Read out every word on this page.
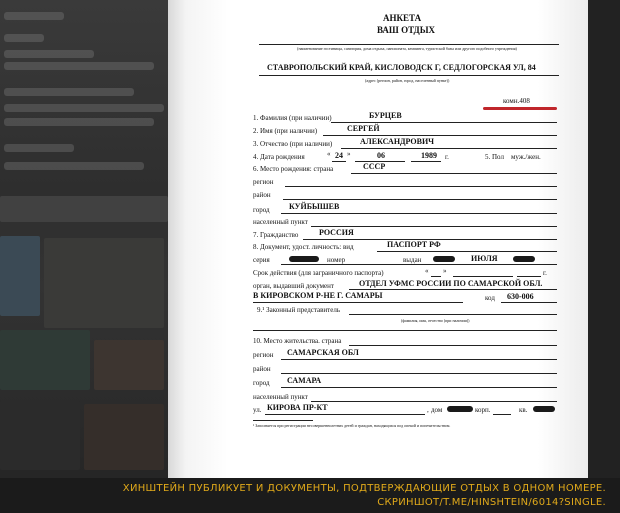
АНКЕТА
ВАШ ОТДЫХ
(наименование гостиницы, санатория, дома отдыха, пансионата, кемпинга, туристской базы или другого подобного учреждения)
СТАВРОПОЛЬСКИЙ КРАЙ, КИСЛОВОДСК Г, СЕДЛОГОРСКАЯ УЛ, 84
(адрес (регион, район, город, населенный пункт))
комн.408
1. Фамилия (при наличии)	БУРЦЕВ
2. Имя (при наличии)	СЕРГЕЙ
3. Отчество (при наличии)	АЛЕКСАНДРОВИЧ
4. Дата рождения	« 24 »	06	1989 г.	5. Пол муж./жен.
6. Место рождения: страна	СССР
регион
район
город КУЙБЫШЕВ
населенный пункт
7. Гражданство	РОССИЯ
8. Документ, удост. личность: вид	ПАСПОРТ РФ
серия	номер	выдан	ИЮЛЯ
Срок действия (для заграничного паспорта)	« »	г.
орган, выдавший документ	ОТДЕЛ УФМС РОССИИ ПО САМАРСКОЙ ОБЛ.
В КИРОВСКОМ Р-НЕ Г. САМАРЫ	код 630-006
9.¹ Законный представитель
(фамилия, имя, отчество (при наличии))
10. Место жительства. страна
регион САМАРСКАЯ ОБЛ
район
город САМАРА
населенный пункт
ул. КИРОВА ПР-КТ	, дом	корп.	кв.
¹ Заполняется при регистрации несовершеннолетних детей и граждан, находящихся под опекой и попечительством.
ХИНШТЕЙН ПУБЛИКУЕТ И ДОКУМЕНТЫ, ПОДТВЕРЖДАЮЩИЕ ОТДЫХ В ОДНОМ НОМЕРЕ.
СКРИНШОТ/T.ME/HINSHTEIN/6014?SINGLE.
